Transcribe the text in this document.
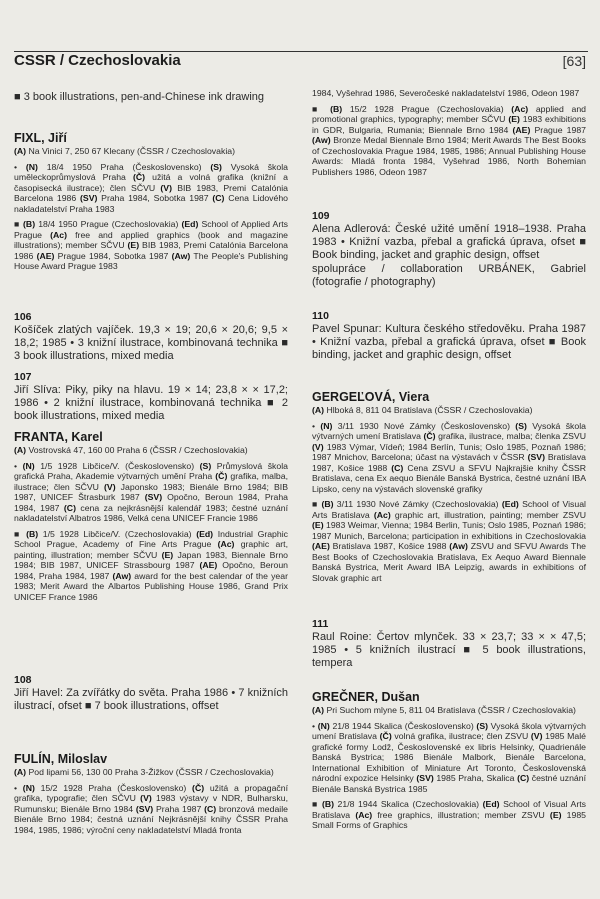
CSSR / Czechoslovakia	[63]

■ 3 book illustrations, pen-and-Chinese ink drawing

FIXL, Jiří

(A) Na Vinici 7, 250 67 Klecany (ČSSR / Czechoslovakia)

• (N) 18/4 1950 Praha (Československo) (S) Vysoká škola uměleckoprůmyslová Praha (Č) užitá a volná grafika (knižní a časopisecká ilustrace); člen SČVU (V) BIB 1983, Premi Catalónia Barcelona 1986 (SV) Praha 1984, Sobotka 1987 (C) Cena Lidového nakladatelství Praha 1983

■ (B) 18/4 1950 Prague (Czechoslovakia) (Ed) School of Applied Arts Prague (Ac) free and applied graphics (book and magazine illustrations); member SČVU (E) BIB 1983, Premi Catalónia Barcelona 1986 (AE) Prague 1984, Sobotka 1987 (Aw) The People's Publishing House Award Prague 1983

106

Košíček zlatých vajíček. 19,3 × 19; 20,6 × 20,6; 9,5 × 18,2; 1985 • 3 knižní ilustrace, kombinovaná technika ■ 3 book illustrations, mixed media

107

Jiří Slíva: Piky, piky na hlavu. 19 × 14; 23,8 × × 17,2; 1986 • 2 knižní ilustrace, kombinovaná technika ■ 2 book illustrations, mixed media

FRANTA, Karel

(A) Vostrovská 47, 160 00 Praha 6 (ČSSR / Czechoslovakia)

• (N) 1/5 1928 Libčice/V. (Československo) (S) Průmyslová škola grafická Praha, Akademie výtvarných umění Praha (Č) grafika, malba, ilustrace; člen SČVU (V) Japonsko 1983; Bienále Brno 1984; BIB 1987, UNICEF Štrasburk 1987 (SV) Opočno, Beroun 1984, Praha 1984, 1987 (C) cena za nejkrásnější kalendář 1983; čestné uznání nakladatelství Albatros 1986, Velká cena UNICEF Francie 1986

■ (B) 1/5 1928 Libčice/V. (Czechoslovakia) (Ed) Industrial Graphic School Prague, Academy of Fine Arts Prague (Ac) graphic art, painting, illustration; member SČVU (E) Japan 1983, Biennale Brno 1984; BIB 1987, UNICEF Strassbourg 1987 (AE) Opočno, Beroun 1984, Praha 1984, 1987 (Aw) award for the best calendar of the year 1983; Merit Award the Albartos Publishing House 1986, Grand Prix UNICEF France 1986

108

Jiří Havel: Za zvířátky do světa. Praha 1986 • 7 knižních ilustrací, ofset ■ 7 book illustrations, offset

FULÍN, Miloslav

(A) Pod lipami 56, 130 00 Praha 3-Žižkov (ČSSR / Czechoslovakia)

• (N) 15/2 1928 Praha (Československo) (Č) užitá a propagační grafika, typografie; člen SČVU (V) 1983 výstavy v NDR, Bulharsku, Rumunsku; Bienále Brno 1984 (SV) Praha 1987 (C) bronzová medaile Bienále Brno 1984; čestná uznání Nejkrásnější knihy ČSSR Praha 1984, 1985, 1986; výroční ceny nakladatelství Mladá fronta

1984, Vyšehrad 1986, Severočeské nakladatelství 1986, Odeon 1987

■ (B) 15/2 1928 Prague (Czechoslovakia) (Ac) applied and promotional graphics, typography; member SČVU (E) 1983 exhibitions in GDR, Bulgaria, Rumania; Biennale Brno 1984 (AE) Prague 1987 (Aw) Bronze Medal Biennale Brno 1984; Merit Awards The Best Books of Czechoslovakia Prague 1984, 1985, 1986; Annual Publishing House Awards: Mladá fronta 1984, Vyšehrad 1986, North Bohemian Publishers 1986, Odeon 1987

109

Alena Adlerová: České užité umění 1918–1938. Praha 1983 • Knižní vazba, přebal a grafická úprava, ofset ■ Book binding, jacket and graphic design, offset

spolupráce / collaboration URBÁNEK, Gabriel (fotografie / photography)

110

Pavel Spunar: Kultura českého středověku. Praha 1987 • Knižní vazba, přebal a grafická úprava, ofset ■ Book binding, jacket and graphic design, offset

GERGEĽOVÁ, Viera

(A) Hlboká 8, 811 04 Bratislava (ČSSR / Czechoslovakia)

• (N) 3/11 1930 Nové Zámky (Československo) (S) Vysoká škola výtvarných umení Bratislava (Č) grafika, ilustrace, malba; členka ZSVU (V) 1983 Výmar, Vídeň; 1984 Berlín, Tunis; Oslo 1985, Poznaň 1986; 1987 Mnichov, Barcelona; účast na výstavách v ČSSR (SV) Bratislava 1987, Košice 1988 (C) Cena ZSVU a SFVU Najkrajšie knihy ČSSR Bratislava, cena Ex aequo Bienále Banská Bystrica, čestné uznání IBA Lipsko, ceny na výstavách slovenské grafiky

■ (B) 3/11 1930 Nové Zámky (Czechoslovakia) (Ed) School of Visual Arts Bratislava (Ac) graphic art, illustration, painting; member ZSVU (E) 1983 Weimar, Vienna; 1984 Berlin, Tunis; Oslo 1985, Poznań 1986; 1987 Munich, Barcelona; participation in exhibitions in Czechoslovakia (AE) Bratislava 1987, Košice 1988 (Aw) ZSVU and SFVU Awards The Best Books of Czechoslovakia Bratislava, Ex Aequo Award Biennale Banská Bystrica, Merit Award IBA Leipzig, awards in exhibitions of Slovak graphic art

111

Raul Roine: Čertov mlynček. 33 × 23,7; 33 × × 47,5; 1985 • 5 knižních ilustrací ■ 5 book illustrations, tempera

GREČNER, Dušan

(A) Pri Suchom mlyne 5, 811 04 Bratislava (ČSSR / Czechoslovakia)

• (N) 21/8 1944 Skalica (Československo) (S) Vysoká škola výtvarných umení Bratislava (Č) volná grafika, ilustrace; člen ZSVU (V) 1985 Malé grafické formy Lodž, Československé ex libris Helsinky, Quadrienále Banská Bystrica; 1986 Bienále Malbork, Bienále Barcelona, International Exhibition of Miniature Art Toronto, Československá národní expozice Helsinky (SV) 1985 Praha, Skalica (C) čestné uznání Bienále Banská Bystrica 1985

■ (B) 21/8 1944 Skalica (Czechoslovakia) (Ed) School of Visual Arts Bratislava (Ac) free graphics, illustration; member ZSVU (E) 1985 Small Forms of Graphics
